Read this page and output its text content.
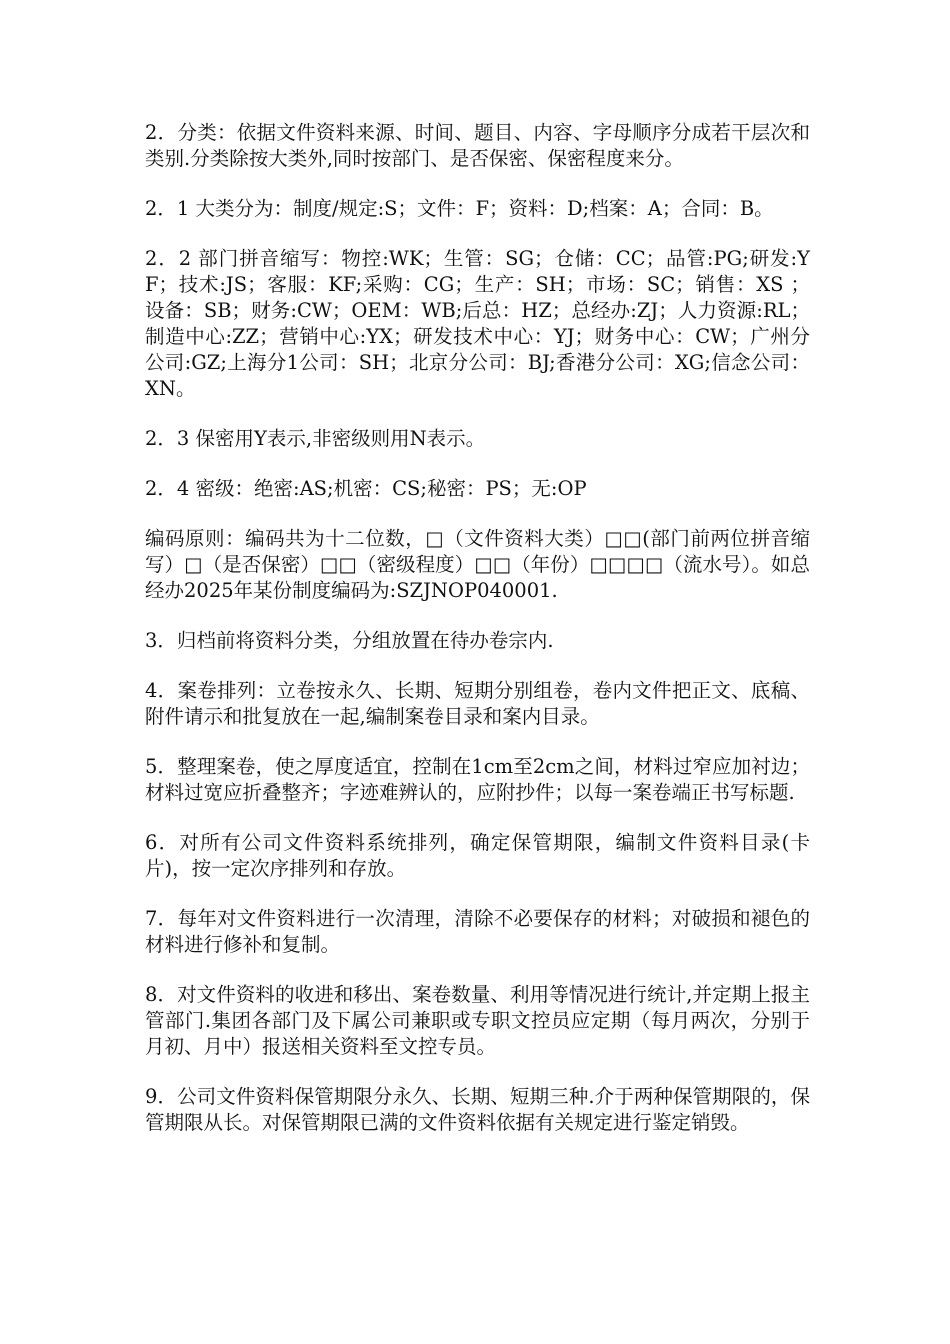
2．分类：依据文件资料来源、时间、题目、内容、字母顺序分成若干层次和类别.分类除按大类外,同时按部门、是否保密、保密程度来分。

2．1 大类分为：制度/规定:S；文件：F；资料：D;档案：A；合同：B。

2．2 部门拼音缩写：物控:WK；生管：SG；仓储：CC；品管:PG;研发:YF；技术:JS；客服：KF;采购：CG；生产：SH；市场：SC；销售：XS ；设备：SB；财务:CW；OEM：WB;后总：HZ；总经办:ZJ；人力资源:RL；制造中心:ZZ；营销中心:YX；研发技术中心：YJ；财务中心：CW；广州分公司:GZ;上海分1公司：SH；北京分公司：BJ;香港分公司：XG;信念公司：XN。

2．3 保密用Y表示,非密级则用N表示。

2．4 密级：绝密:AS;机密：CS;秘密：PS；无:OP

编码原则：编码共为十二位数，□（文件资料大类）□□(部门前两位拼音缩写）□（是否保密）□□（密级程度）□□（年份）□□□□（流水号）。如总经办2025年某份制度编码为:SZJNOP040001.

3．归档前将资料分类，分组放置在待办卷宗内.

4．案卷排列：立卷按永久、长期、短期分别组卷，卷内文件把正文、底稿、附件请示和批复放在一起,编制案卷目录和案内目录。

5．整理案卷，使之厚度适宜，控制在1cm至2cm之间，材料过窄应加衬边；材料过宽应折叠整齐；字迹难辨认的，应附抄件；以每一案卷端正书写标题.

6．对所有公司文件资料系统排列，确定保管期限，编制文件资料目录(卡片)，按一定次序排列和存放。

7．每年对文件资料进行一次清理，清除不必要保存的材料；对破损和褪色的材料进行修补和复制。

8．对文件资料的收进和移出、案卷数量、利用等情况进行统计,并定期上报主管部门.集团各部门及下属公司兼职或专职文控员应定期（每月两次，分别于月初、月中）报送相关资料至文控专员。

9．公司文件资料保管期限分永久、长期、短期三种.介于两种保管期限的，保管期限从长。对保管期限已满的文件资料依据有关规定进行鉴定销毁。
